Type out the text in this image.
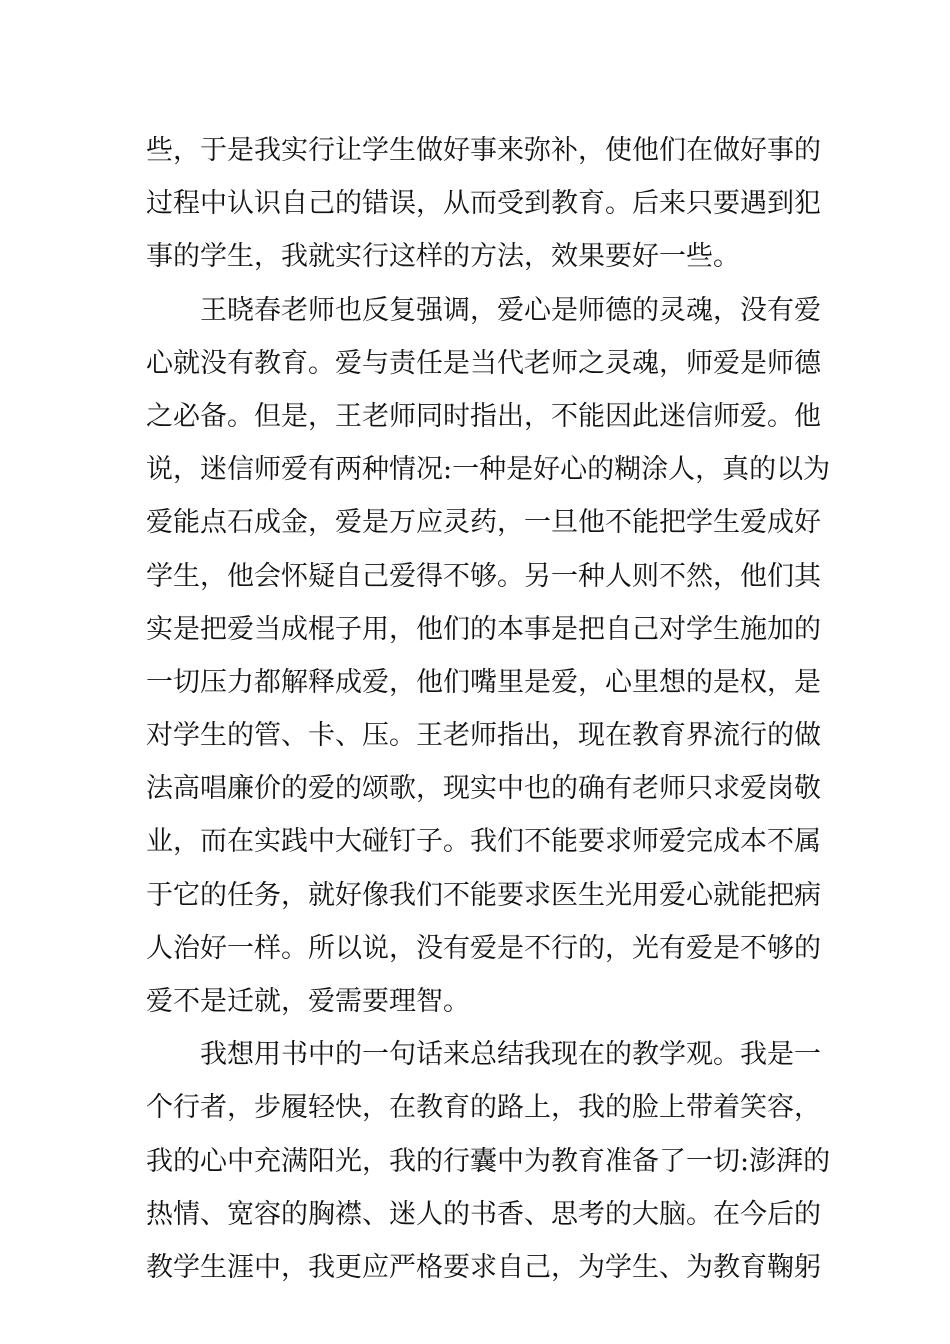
些，于是我实行让学生做好事来弥补，使他们在做好事的
过程中认识自己的错误，从而受到教育。后来只要遇到犯
事的学生，我就实行这样的方法，效果要好一些。
王晓春老师也反复强调，爱心是师德的灵魂，没有爱
心就没有教育。爱与责任是当代老师之灵魂，师爱是师德
之必备。但是，王老师同时指出，不能因此迷信师爱。他
说，迷信师爱有两种情况:一种是好心的糊涂人，真的以为
爱能点石成金，爱是万应灵药，一旦他不能把学生爱成好
学生，他会怀疑自己爱得不够。另一种人则不然，他们其
实是把爱当成棍子用，他们的本事是把自己对学生施加的
一切压力都解释成爱，他们嘴里是爱，心里想的是权，是
对学生的管、卡、压。王老师指出，现在教育界流行的做
法高唱廉价的爱的颂歌，现实中也的确有老师只求爱岗敬
业，而在实践中大碰钉子。我们不能要求师爱完成本不属
于它的任务，就好像我们不能要求医生光用爱心就能把病
人治好一样。所以说，没有爱是不行的，光有爱是不够的
爱不是迁就，爱需要理智。
我想用书中的一句话来总结我现在的教学观。我是一
个行者，步履轻快，在教育的路上，我的脸上带着笑容，
我的心中充满阳光，我的行囊中为教育准备了一切:澎湃的
热情、宽容的胸襟、迷人的书香、思考的大脑。在今后的
教学生涯中，我更应严格要求自己，为学生、为教育鞠躬
